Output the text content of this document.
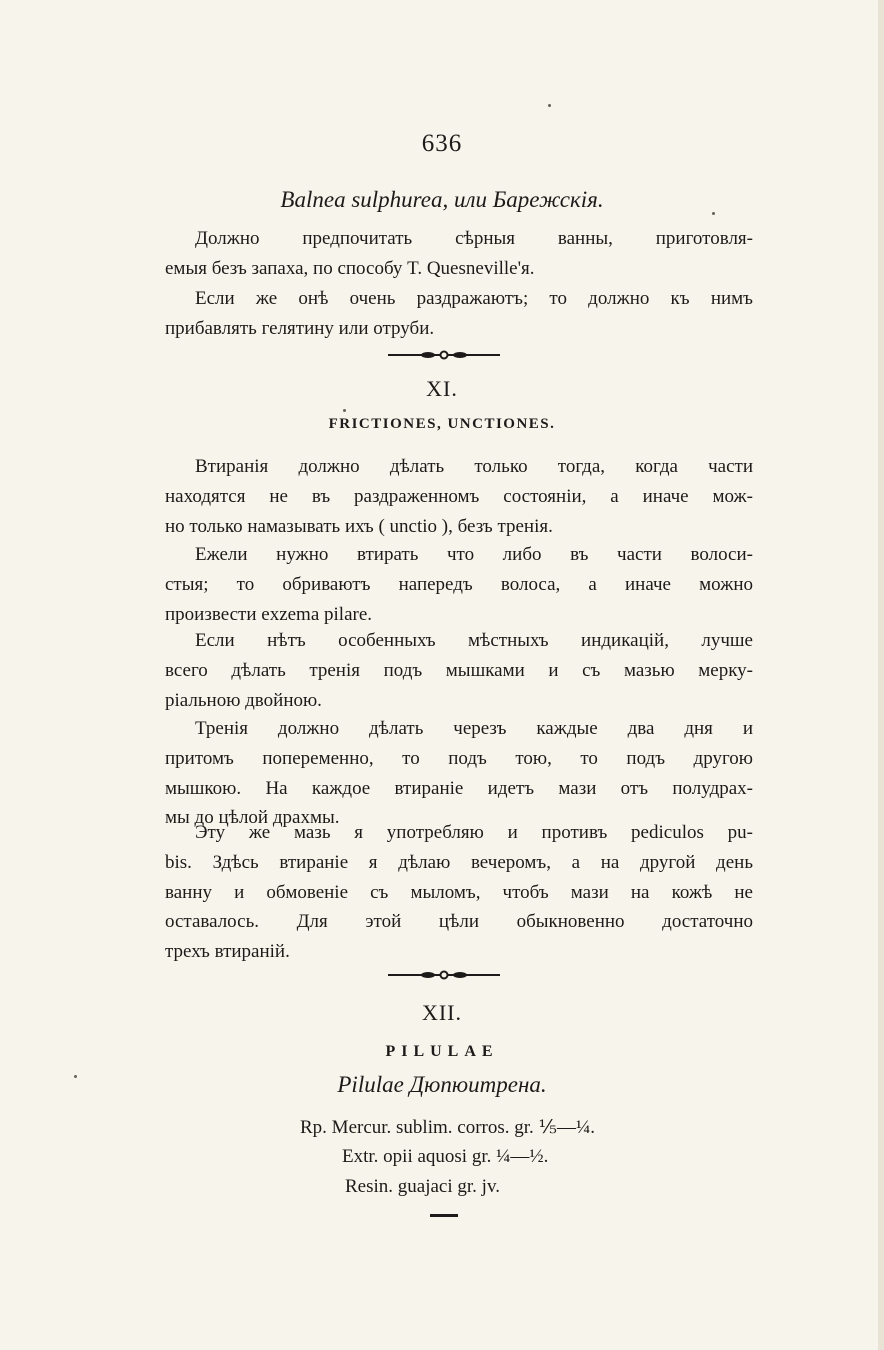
636
Balnea sulphurea, или Барежскія.

Должно предпочитать сѣрныя ванны, приготовля-
емыя безъ запаха, по способу T. Quesneville'я.

Если же онѣ очень раздражаютъ; то должно къ нимъ
прибавлять гелятину или отруби.

XI.
FRICTIONES, UNCTIONES.

Втиранія должно дѣлать только тогда, когда части
находятся не въ раздраженномъ состояніи, а иначе мож-
но только намазывать ихъ ( unctio ), безъ тренія.

Ежели нужно втирать что либо въ части волоси-
стыя; то обриваютъ напередъ волоса, а иначе можно
произвести exzema pilare.

Если нѣтъ особенныхъ мѣстныхъ индикацій, лучше
всего дѣлать тренія подъ мышками и съ мазью мерку-
ріальною двойною.

Тренія должно дѣлать черезъ каждые два дня и
притомъ попеременно, то подъ тою, то подъ другою
мышкою. На каждое втираніе идетъ мази отъ полудрах-
мы до цѣлой драхмы.

Эту же мазь я употребляю и противъ pediculos pu-
bis. Здѣсь втираніе я дѣлаю вечеромъ, а на другой день
ванну и обмовеніе съ мыломъ, чтобъ мази на кожѣ не
оставалось. Для этой цѣли обыкновенно достаточно
трехъ втираній.

XII.
PILULAE
Pilulae Дюпюитрена.
Rp. Mercur. sublim. corros. gr. ⅕—¼.
Extr. opii aquosi gr. ¼—½.
Resin. guajaci gr. jv.
